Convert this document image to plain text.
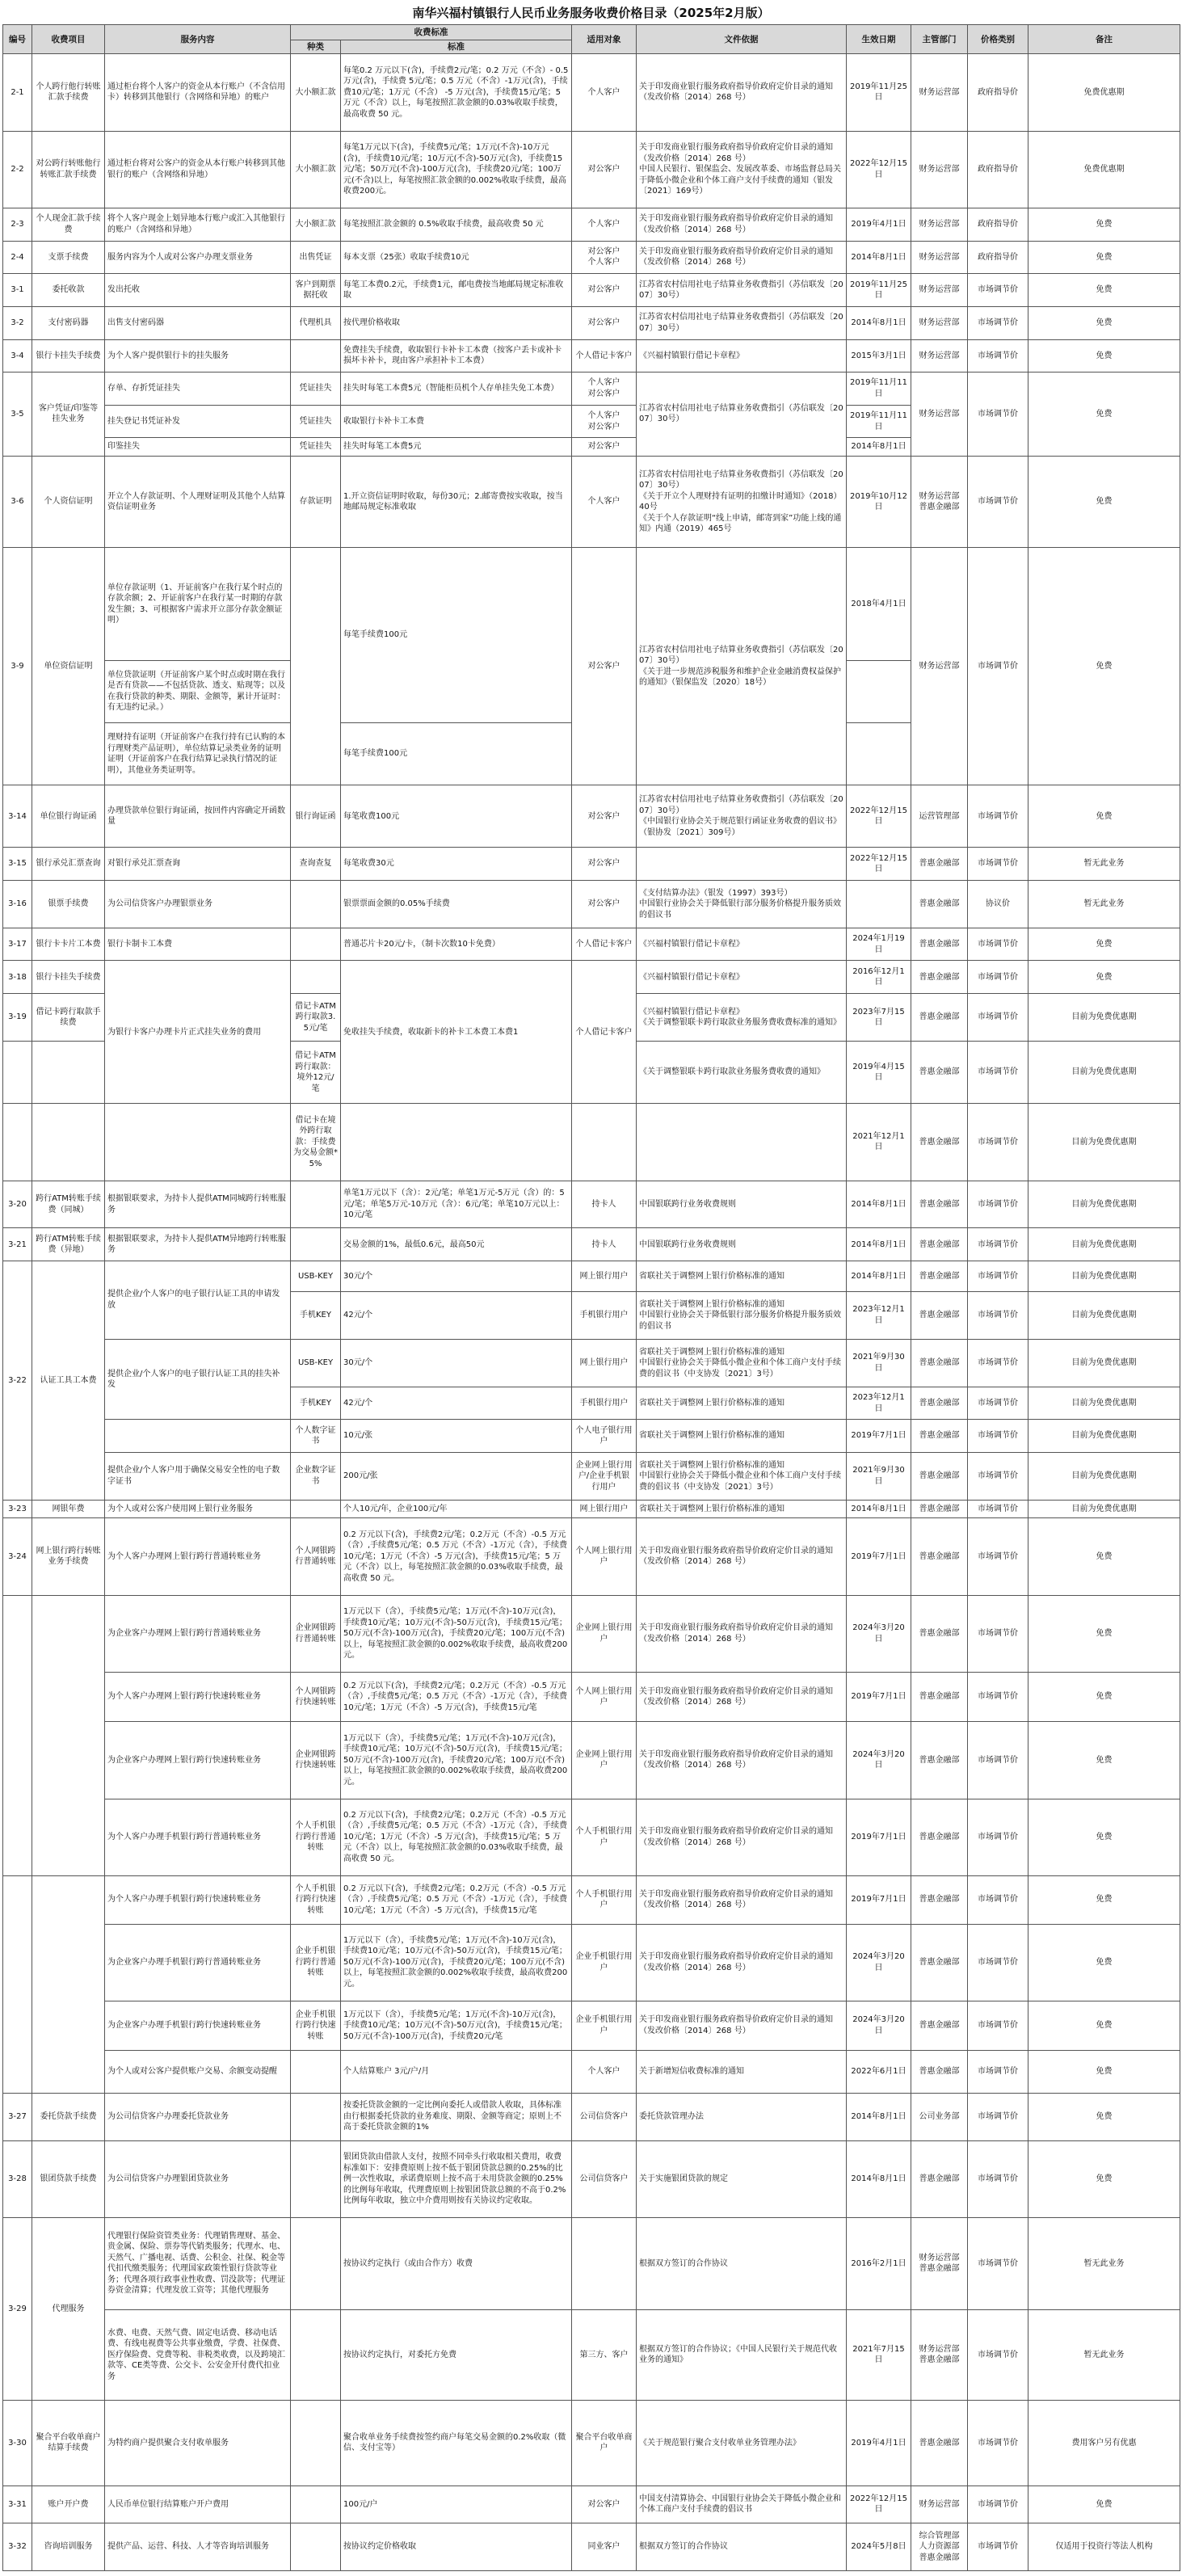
南华兴福村镇银行人民币业务服务收费价格目录（2025年2月版）
编号	收费项目	服务内容	收费标准		适用对象	文件依据	生效日期	主管部门	价格类别	备注
			种类	标准						
2-1	个人跨行他行转账汇款手续费	通过柜台将个人客户的资金从本行账户（不含信用卡）转移到其他银行（含网络和异地）的账户	大小额汇款	每笔0.2 万元以下(含)，手续费2元/笔；0.2 万元（不含）- 0.5 万元(含)，手续费 5元/笔；0.5 万元（不含）-1万元(含)，手续费10元/笔；1万元（不含） -5 万元(含)，手续费15元/笔；5 万元（不含）以上，每笔按照汇款金额的0.03%收取手续费，最高收费 50 元。	个人客户	关于印发商业银行服务政府指导价政府定价目录的通知（发改价格〔2014〕268 号）	2019年11月25日	财务运营部	政府指导价	免费优惠期
2-2	对公跨行转账他行转账汇款手续费	通过柜台将对公客户的资金从本行账户转移到其他银行的账户（含网络和异地）	大小额汇款	每笔1万元以下(含)，手续费5元/笔；1万元(不含)-10万元(含)，手续费10元/笔；10万元(不含)-50万元(含)，手续费15元/笔；50万元(不含)-100万元(含)，手续费20元/笔；100万元(不含)以上，每笔按照汇款金额的0.002%收取手续费，最高收费200元。	对公客户	关于印发商业银行服务政府指导价政府定价目录的通知（发改价格〔2014〕268 号）
中国人民银行、银保监会、发展改革委、市场监督总局关于降低小微企业和个体工商户支付手续费的通知（银发〔2021〕169号）	2022年12月15日	财务运营部	政府指导价	免费优惠期
2-3	个人现金汇款手续费	将个人客户现金上划异地本行账户或汇入其他银行的账户（含网络和异地）	大小额汇款	每笔按照汇款金额的 0.5%收取手续费，最高收费 50 元	个人客户	关于印发商业银行服务政府指导价政府定价目录的通知（发改价格〔2014〕268 号）	2019年4月1日	财务运营部	政府指导价	免费
2-4	支票手续费	服务内容为个人或对公客户办理支票业务	出售凭证	每本支票（25张）收取手续费10元	对公客户
个人客户	关于印发商业银行服务政府指导价政府定价目录的通知（发改价格〔2014〕268 号）	2014年8月1日	财务运营部	政府指导价	免费
3-1	委托收款	发出托收	客户到期票据托收	每笔工本费0.2元，手续费1元，邮电费按当地邮局规定标准收取	对公客户	江苏省农村信用社电子结算业务收费指引（苏信联发〔2007〕30号）	2019年11月25日	财务运营部	市场调节价	免费
3-2	支付密码器	出售支付密码器	代理机具	按代理价格收取	对公客户	江苏省农村信用社电子结算业务收费指引（苏信联发〔2007〕30号）	2014年8月1日	财务运营部	市场调节价	免费
3-4	银行卡挂失手续费	为个人客户提供银行卡的挂失服务		免费挂失手续费，收取银行卡补卡工本费（按客户丢卡或补卡损坏卡补卡，现由客户承担补卡工本费）	个人借记卡客户	《兴福村镇银行借记卡章程》	2015年3月1日	财务运营部	市场调节价	免费
3-5	客户凭证/印鉴等挂失业务	存单、存折凭证挂失	凭证挂失	挂失时每笔工本费5元（智能柜员机个人存单挂失免工本费）	个人客户
对公客户	江苏省农村信用社电子结算业务收费指引（苏信联发〔2007〕30号）	2019年11月11日	财务运营部	市场调节价	免费
		挂失登记书凭证补发	凭证挂失	收取银行卡补卡工本费	个人客户
对公客户		2019年11月11日			
		印鉴挂失	凭证挂失	挂失时每笔工本费5元	对公客户		2014年8月1日			
3-6	个人资信证明	开立个人存款证明、个人理财证明及其他个人结算资信证明业务	存款证明	1.开立资信证明时收取，每份30元；2.邮寄费按实收取，按当地邮局规定标准收取	个人客户	江苏省农村信用社电子结算业务收费指引（苏信联发〔2007〕30号）
《关于开立个人理财持有证明的扣缴计时通知》（2018）40号
《关于个人存款证明“线上申请，邮寄到家”功能上线的通知》内通（2019）465号	2019年10月12日	财务运营部
普惠金融部	市场调节价	免费
3-9	单位资信证明	单位存款证明（1、开证前客户在我行某个时点的存款余额；2、开证前客户在我行某一时期的存款发生额；3、可根据客户需求开立部分存款金额证明）		每笔手续费100元	对公客户	江苏省农村信用社电子结算业务收费指引（苏信联发〔2007〕30号）
《关于进一步规范涉税服务和维护企业金融消费权益保护的通知》（银保监发〔2020〕18号）	2018年4月1日	财务运营部	市场调节价	免费
		单位贷款证明（开证前客户某个时点或时期在我行是否有贷款——不包括贷款、透支、贴现等；以及在我行贷款的种类、期限、金额等，累计开证时：有无违约记录。）								
		理财持有证明（开证前客户在我行持有已认购的本行理财类产品证明），单位结算记录类业务的证明证明（开证前客户在我行结算记录执行情况的证明），其他业务类证明等。		每笔手续费100元						
3-14	单位银行询证函	办理贷款单位银行询证函，按回件内容确定开函数量	银行询证函	每笔收费100元	对公客户	江苏省农村信用社电子结算业务收费指引（苏信联发〔2007〕30号）
《中国银行业协会关于规范银行函证业务收费的倡议书》（银协发〔2021〕309号）	2022年12月15日	运营管理部	市场调节价	免费
3-15	银行承兑汇票查询	对银行承兑汇票查询	查询查复	每笔收费30元	对公客户		2022年12月15日	普惠金融部	市场调节价	暂无此业务
3-16	银票手续费	为公司信贷客户办理银票业务		银票票面金额的0.05%手续费	对公客户	《支付结算办法》（银发（1997）393号）
中国银行业协会关于降低银行部分服务价格提升服务质效的倡议书		普惠金融部	协议价	暂无此业务
3-17	银行卡卡片工本费	银行卡制卡工本费		普通芯片卡20元/卡，（制卡次数10卡免费）	个人借记卡客户	《兴福村镇银行借记卡章程》	2024年1月19日	普惠金融部	市场调节价	免费
3-18	银行卡挂失手续费	为银行卡客户办理卡片正式挂失业务的费用		免收挂失手续费，收取新卡的补卡工本费工本费1	个人借记卡客户	《兴福村镇银行借记卡章程》	2016年12月1日	普惠金融部	市场调节价	免费
3-19	借记卡跨行取款手续费		借记卡ATM跨行取款3.5元/笔			《兴福村镇银行借记卡章程》
《关于调整银联卡跨行取款业务服务费收费标准的通知》	2023年7月15日	普惠金融部	市场调节价	目前为免费优惠期
			借记卡ATM跨行取款：境外12元/笔			《关于调整银联卡跨行取款业务服务费收费的通知》	2019年4月15日	普惠金融部	市场调节价	目前为免费优惠期
			借记卡在境外跨行取款：手续费为交易金额*5%				2021年12月1日	普惠金融部	市场调节价	目前为免费优惠期
3-20	跨行ATM转账手续费（同城）	根据银联要求，为持卡人提供ATM同城跨行转账服务		单笔1万元以下（含）：2元/笔；单笔1万元-5万元（含）的：5元/笔；单笔5万元-10万元（含）：6元/笔；单笔10万元以上：10元/笔	持卡人	中国银联跨行业务收费规则	2014年8月1日	普惠金融部	市场调节价	目前为免费优惠期
3-21	跨行ATM转账手续费（异地）	根据银联要求，为持卡人提供ATM异地跨行转账服务		交易金额的1%，最低0.6元，最高50元	持卡人	中国银联跨行业务收费规则	2014年8月1日	普惠金融部	市场调节价	目前为免费优惠期
3-22	认证工具工本费	提供企业/个人客户的电子银行认证工具的申请发放	USB-KEY	30元/个	网上银行用户	省联社关于调整网上银行价格标准的通知	2014年8月1日	普惠金融部	市场调节价	目前为免费优惠期
			手机KEY	42元/个	手机银行用户	省联社关于调整网上银行价格标准的通知
中国银行业协会关于降低银行部分服务价格提升服务质效的倡议书	2023年12月1日	普惠金融部	市场调节价	目前为免费优惠期
		提供企业/个人客户的电子银行认证工具的挂失补发	USB-KEY	30元/个	网上银行用户	省联社关于调整网上银行价格标准的通知
中国银行业协会关于降低小微企业和个体工商户支付手续费的倡议书（中支协发〔2021〕3号）	2021年9月30日	普惠金融部	市场调节价	目前为免费优惠期
			手机KEY	42元/个	手机银行用户	省联社关于调整网上银行价格标准的通知	2023年12月1日	普惠金融部	市场调节价	目前为免费优惠期
			个人数字证书	10元/张	个人电子银行用户	省联社关于调整网上银行价格标准的通知	2019年7月1日	普惠金融部	市场调节价	目前为免费优惠期
		提供企业/个人客户用于确保交易安全性的电子数字证书	企业数字证书	200元/张	企业网上银行用户/企业手机银行用户	省联社关于调整网上银行价格标准的通知
中国银行业协会关于降低小微企业和个体工商户支付手续费的倡议书（中支协发〔2021〕3号）	2021年9月30日	普惠金融部	市场调节价	目前为免费优惠期
3-23	网银年费	为个人或对公客户使用网上银行业务服务		个人10元/年，企业100元/年	网上银行用户	省联社关于调整网上银行价格标准的通知	2014年8月1日	普惠金融部	市场调节价	目前为免费优惠期
3-24	网上银行跨行转账业务手续费	为个人客户办理网上银行跨行普通转账业务	个人网银跨行普通转账	0.2 万元以下(含)，手续费2元/笔；0.2万元（不含）-0.5 万元（含）,手续费5元/笔；0.5 万元（不含）-1万元（含），手续费10元/笔；1万元（不含）-5 万元(含)，手续费15元/笔；5 万元（不含）以上，每笔按照汇款金额的0.03%收取手续费，最高收费 50 元。	个人网上银行用户	关于印发商业银行服务政府指导价政府定价目录的通知（发改价格〔2014〕268 号）	2019年7月1日	普惠金融部	市场调节价	免费
		为企业客户办理网上银行跨行普通转账业务	企业网银跨行普通转账	1万元以下（含），手续费5元/笔；1万元(不含)-10万元(含)，手续费10元/笔；10万元(不含)-50万元(含)，手续费15元/笔；50万元(不含)-100万元(含)，手续费20元/笔；100万元(不含)以上，每笔按照汇款金额的0.002%收取手续费，最高收费200元。	企业网上银行用户	关于印发商业银行服务政府指导价政府定价目录的通知（发改价格〔2014〕268 号）	2024年3月20日	普惠金融部	市场调节价	免费
		为个人客户办理网上银行跨行快速转账业务	个人网银跨行快速转账	0.2 万元以下(含)，手续费2元/笔；0.2万元（不含）-0.5 万元（含）,手续费5元/笔；0.5 万元（不含）-1万元（含），手续费10元/笔；1万元（不含）-5 万元(含)，手续费15元/笔	个人网上银行用户	关于印发商业银行服务政府指导价政府定价目录的通知（发改价格〔2014〕268 号）	2019年7月1日	普惠金融部	市场调节价	免费
		为企业客户办理网上银行跨行快速转账业务	企业网银跨行快速转账	1万元以下（含），手续费5元/笔；1万元(不含)-10万元(含)，手续费10元/笔；10万元(不含)-50万元(含)，手续费15元/笔；50万元(不含)-100万元(含)，手续费20元/笔；100万元(不含)以上，每笔按照汇款金额的0.002%收取手续费，最高收费200元。	企业网上银行用户	关于印发商业银行服务政府指导价政府定价目录的通知（发改价格〔2014〕268 号）	2024年3月20日	普惠金融部	市场调节价	免费
		为个人客户办理手机银行跨行普通转账业务	个人手机银行跨行普通转账	0.2 万元以下(含)，手续费2元/笔；0.2万元（不含）-0.5 万元（含）,手续费5元/笔；0.5 万元（不含）-1万元（含），手续费10元/笔；1万元（不含）-5 万元(含)，手续费15元/笔；5 万元（不含）以上，每笔按照汇款金额的0.03%收取手续费，最高收费 50 元。	个人手机银行用户	关于印发商业银行服务政府指导价政府定价目录的通知（发改价格〔2014〕268 号）	2019年7月1日	普惠金融部	市场调节价	免费
		为个人客户办理手机银行跨行快速转账业务	个人手机银行跨行快速转账	0.2 万元以下(含)，手续费2元/笔；0.2万元（不含）-0.5 万元（含）,手续费5元/笔；0.5 万元（不含）-1万元（含），手续费10元/笔；1万元（不含）-5 万元(含)，手续费15元/笔	个人手机银行用户	关于印发商业银行服务政府指导价政府定价目录的通知（发改价格〔2014〕268 号）	2019年7月1日	普惠金融部	市场调节价	免费
		为企业客户办理手机银行跨行普通转账业务	企业手机银行跨行普通转账	1万元以下（含），手续费5元/笔；1万元(不含)-10万元(含)，手续费10元/笔；10万元(不含)-50万元(含)，手续费15元/笔；50万元(不含)-100万元(含)，手续费20元/笔；100万元(不含)以上，每笔按照汇款金额的0.002%收取手续费，最高收费200元。	企业手机银行用户	关于印发商业银行服务政府指导价政府定价目录的通知（发改价格〔2014〕268 号）	2024年3月20日	普惠金融部	市场调节价	免费
		为企业客户办理手机银行跨行快速转账业务	企业手机银行跨行快速转账	1万元以下（含），手续费5元/笔；1万元(不含)-10万元(含)，手续费10元/笔；10万元(不含)-50万元(含)，手续费15元/笔；50万元(不含)-100万元(含)，手续费20元/笔	企业手机银行用户	关于印发商业银行服务政府指导价政府定价目录的通知（发改价格〔2014〕268 号）	2024年3月20日	普惠金融部	市场调节价	免费
		为个人或对公客户提供账户交易、余额变动提醒		个人结算账户 3元/户/月	个人客户	关于新增短信收费标准的通知	2022年6月1日	普惠金融部	市场调节价	免费
3-27	委托贷款手续费	为公司信贷客户办理委托贷款业务		按委托贷款金额的一定比例向委托人或借款人收取，具体标准由行根据委托贷款的业务难度、期限、金额等商定；原则上不高于委托贷款金额的1%	公司信贷客户	委托贷款管理办法	2014年8月1日	公司业务部	市场调节价	免费
3-28	银团贷款手续费	为公司信贷客户办理银团贷款业务		银团贷款由借款人支付，按照不同牵头行收取相关费用，收费标准如下：安排费原则上按不低于银团贷款总额的0.25%的比例一次性收取，承诺费原则上按不高于未用贷款金额的0.25%的比例每年收取，代理费原则上按银团贷款总额的不高于0.2%比例每年收取，独立中介费用则按有关协议约定收取。	公司信贷客户	关于实施银团贷款的规定	2014年8月1日	普惠金融部	市场调节价	免费
3-29	代理服务	代理银行保险资管类业务：代理销售理财、基金、贵金属、保险、票券等代销类服务；代理水、电、天然气、广播电视、话费、公积金、社保、税金等代扣代缴类服务；代理国家政策性银行贷款等业务；代理各项行政事业性收费、罚没款等；代理证券资金清算；代理发放工资等；其他代理服务		按协议约定执行（或由合作方）收费		根据双方签订的合作协议	2016年2月1日	财务运营部
普惠金融部	市场调节价	暂无此业务
		水费、电费、天然气费、固定电话费、移动电话费、有线电视费等公共事业缴费，学费、社保费、医疗保险费、党费等税、非税类收费，以及跨境汇款等、CE类等费、公交卡、公安金开付费代扣业务		按协议约定执行，对委托方免费	第三方、客户	根据双方签订的合作协议；《中国人民银行关于规范代收业务的通知》	2021年7月15日	财务运营部
普惠金融部	市场调节价	暂无此业务
3-30	聚合平台收单商户结算手续费	为特约商户提供聚合支付收单服务		聚合收单业务手续费按签约商户每笔交易金额的0.2%收取（微信、支付宝等）	聚合平台收单商户	《关于规范银行聚合支付收单业务管理办法》	2019年4月1日	普惠金融部	市场调节价	费用客户另有优惠
3-31	账户开户费	人民币单位银行结算账户开户费用		100元/户	对公客户	中国支付清算协会、中国银行业协会关于降低小微企业和个体工商户支付手续费的倡议书	2022年12月15日	财务运营部	市场调节价	免费
3-32	咨询培训服务	提供产品、运营、科技、人才等咨询培训服务		按协议约定价格收取	同业客户	根据双方签订的合作协议	2024年5月8日	综合管理部
人力资源部
普惠金融部	市场调节价	仅适用于投资行等法人机构
